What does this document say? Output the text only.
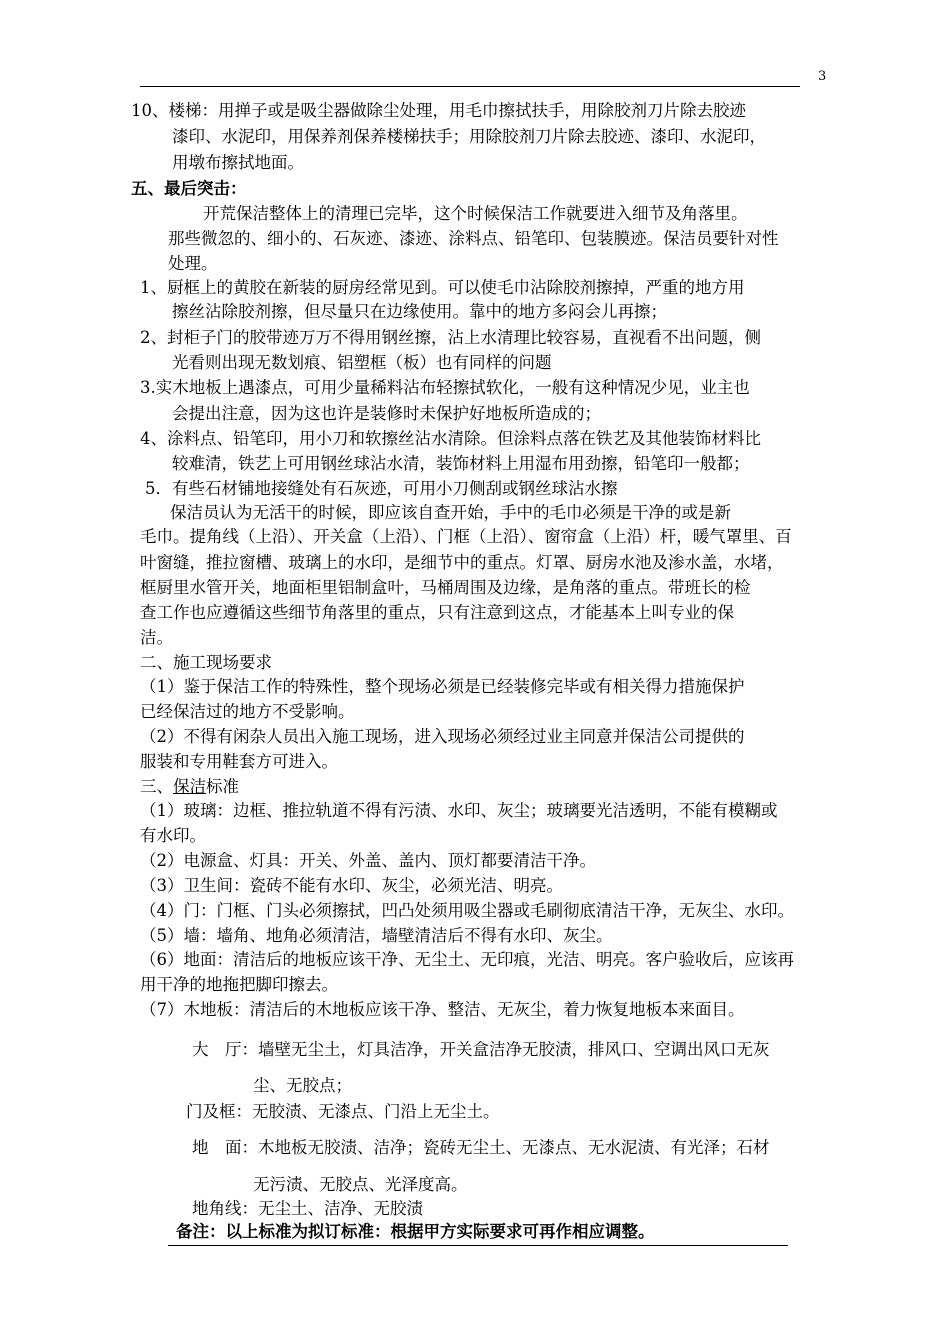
3
10、楼梯：用掸子或是吸尘器做除尘处理，用毛巾擦拭扶手，用除胶剂刀片除去胶迹
漆印、水泥印，用保养剂保养楼梯扶手；用除胶剂刀片除去胶迹、漆印、水泥印，
用墩布擦拭地面。
五、最后突击：
开荒保洁整体上的清理已完毕，这个时候保洁工作就要进入细节及角落里。
那些微忽的、细小的、石灰迹、漆迹、涂料点、铅笔印、包装膜迹。保洁员要针对性
处理。
1、厨框上的黄胶在新装的厨房经常见到。可以使毛巾沾除胶剂擦掉，严重的地方用
擦丝沾除胶剂擦，但尽量只在边缘使用。靠中的地方多闷会儿再擦；
2、封柜子门的胶带迹万万不得用钢丝擦，沾上水清理比较容易，直视看不出问题，侧
光看则出现无数划痕、铝塑框（板）也有同样的问题
3.实木地板上遇漆点，可用少量稀料沾布轻擦拭软化，一般有这种情况少见，业主也
会提出注意，因为这也许是装修时未保护好地板所造成的；
4、涂料点、铅笔印，用小刀和软擦丝沾水清除。但涂料点落在铁艺及其他装饰材料比
较难清，铁艺上可用钢丝球沾水清，装饰材料上用湿布用劲擦，铅笔印一般都；
5．有些石材铺地接缝处有石灰迹，可用小刀侧刮或钢丝球沾水擦
保洁员认为无活干的时候，即应该自查开始，手中的毛巾必须是干净的或是新
毛巾。提角线（上沿）、开关盒（上沿）、门框（上沿）、窗帘盒（上沿）杆，暖气罩里、百
叶窗缝，推拉窗槽、玻璃上的水印，是细节中的重点。灯罩、厨房水池及渗水盖，水堵，
框厨里水管开关，地面柜里铝制盒叶，马桶周围及边缘，是角落的重点。带班长的检
查工作也应遵循这些细节角落里的重点，只有注意到这点，才能基本上叫专业的保
洁。
二、施工现场要求
（1）鉴于保洁工作的特殊性，整个现场必须是已经装修完毕或有相关得力措施保护
已经保洁过的地方不受影响。
（2）不得有闲杂人员出入施工现场，进入现场必须经过业主同意并保洁公司提供的
服装和专用鞋套方可进入。
三、保洁标准
（1）玻璃：边框、推拉轨道不得有污渍、水印、灰尘；玻璃要光洁透明，不能有模糊或
有水印。
（2）电源盒、灯具：开关、外盖、盖内、顶灯都要清洁干净。
（3）卫生间：瓷砖不能有水印、灰尘，必须光洁、明亮。
（4）门：门框、门头必须擦拭，凹凸处须用吸尘器或毛刷彻底清洁干净，无灰尘、水印。
（5）墙：墙角、地角必须清洁，墙壁清洁后不得有水印、灰尘。
（6）地面：清洁后的地板应该干净、无尘土、无印痕，光洁、明亮。客户验收后，应该再
用干净的地拖把脚印擦去。
（7）木地板：清洁后的木地板应该干净、整洁、无灰尘，着力恢复地板本来面目。
大　厅：墙壁无尘土，灯具洁净，开关盒洁净无胶渍，排风口、空调出风口无灰
尘、无胶点；
门及框：无胶渍、无漆点、门沿上无尘土。
地　面：木地板无胶渍、洁净；瓷砖无尘土、无漆点、无水泥渍、有光泽；石材
无污渍、无胶点、光泽度高。
地角线：无尘土、洁净、无胶渍
备注：以上标准为拟订标准：根据甲方实际要求可再作相应调整。
